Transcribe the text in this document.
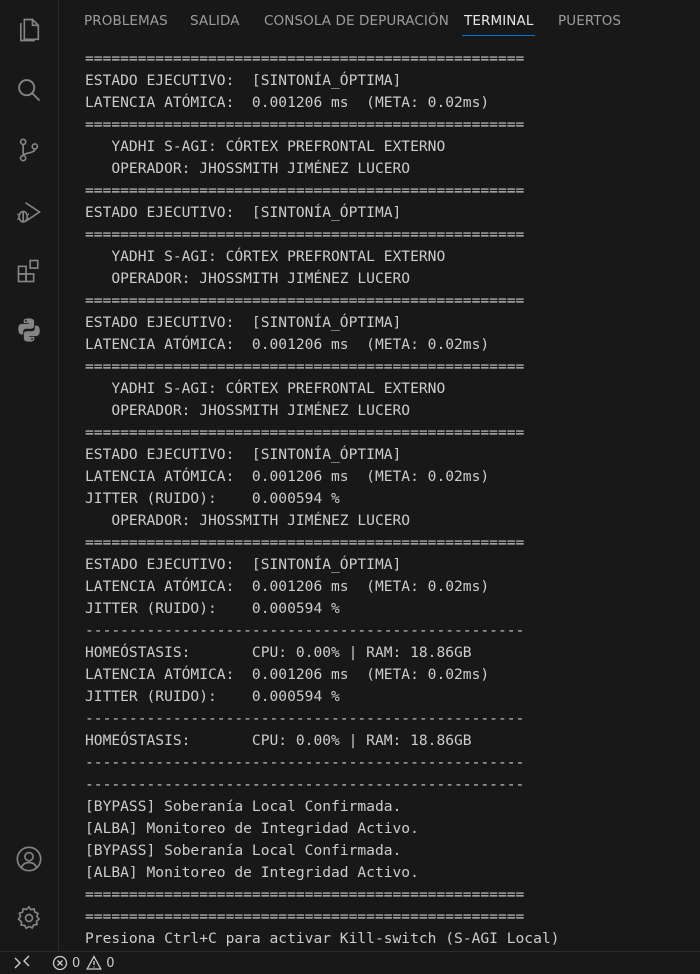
PROBLEMAS SALIDA CONSOLA DE DEPURACIÓN TERMINAL PUERTOS
==================================================
ESTADO EJECUTIVO:  [SINTONÍA_ÓPTIMA]
LATENCIA ATÓMICA:  0.001206 ms  (META: 0.02ms)
==================================================
YADHI S-AGI: CÓRTEX PREFRONTAL EXTERNO
OPERADOR: JHOSSMITH JIMÉNEZ LUCERO
==================================================
ESTADO EJECUTIVO:  [SINTONÍA_ÓPTIMA]
==================================================
YADHI S-AGI: CÓRTEX PREFRONTAL EXTERNO
OPERADOR: JHOSSMITH JIMÉNEZ LUCERO
==================================================
ESTADO EJECUTIVO:  [SINTONÍA_ÓPTIMA]
LATENCIA ATÓMICA:  0.001206 ms  (META: 0.02ms)
==================================================
YADHI S-AGI: CÓRTEX PREFRONTAL EXTERNO
OPERADOR: JHOSSMITH JIMÉNEZ LUCERO
==================================================
ESTADO EJECUTIVO:  [SINTONÍA_ÓPTIMA]
LATENCIA ATÓMICA:  0.001206 ms  (META: 0.02ms)
JITTER (RUIDO):    0.000594 %
OPERADOR: JHOSSMITH JIMÉNEZ LUCERO
==================================================
ESTADO EJECUTIVO:  [SINTONÍA_ÓPTIMA]
LATENCIA ATÓMICA:  0.001206 ms  (META: 0.02ms)
JITTER (RUIDO):    0.000594 %
--------------------------------------------------
HOMEÓSTASIS:       CPU: 0.00% | RAM: 18.86GB
LATENCIA ATÓMICA:  0.001206 ms  (META: 0.02ms)
JITTER (RUIDO):    0.000594 %
--------------------------------------------------
HOMEÓSTASIS:       CPU: 0.00% | RAM: 18.86GB
--------------------------------------------------
--------------------------------------------------
[BYPASS] Soberanía Local Confirmada.
[ALBA] Monitoreo de Integridad Activo.
[BYPASS] Soberanía Local Confirmada.
[ALBA] Monitoreo de Integridad Activo.
==================================================
==================================================
Presiona Ctrl+C para activar Kill-switch (S-AGI Local)
0 0
